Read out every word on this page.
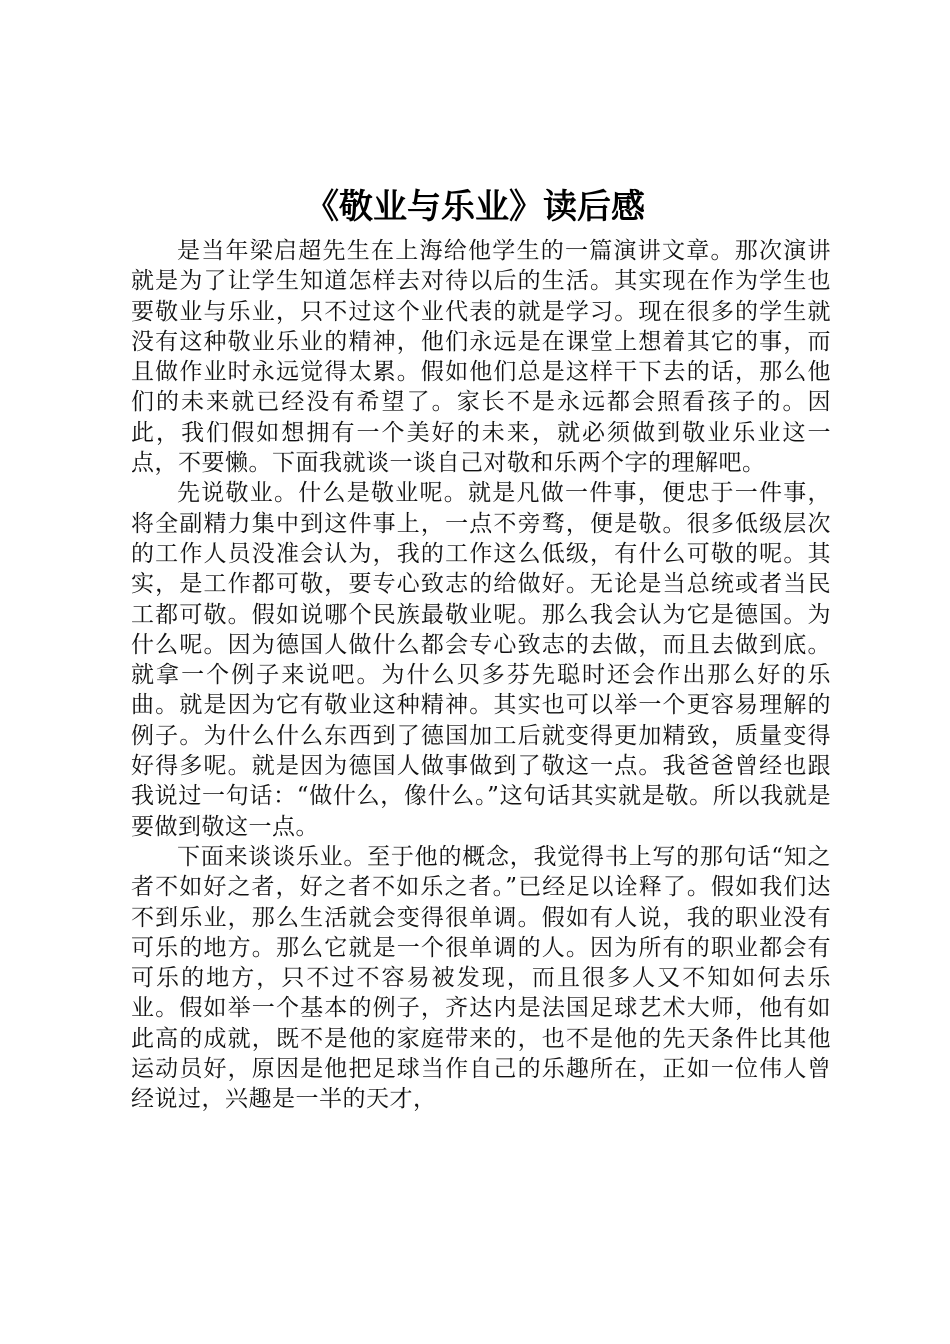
《敬业与乐业》读后感

是当年梁启超先生在上海给他学生的一篇演讲文章。那次演讲就是为了让学生知道怎样去对待以后的生活。其实现在作为学生也要敬业与乐业，只不过这个业代表的就是学习。现在很多的学生就没有这种敬业乐业的精神，他们永远是在课堂上想着其它的事，而且做作业时永远觉得太累。假如他们总是这样干下去的话，那么他们的未来就已经没有希望了。家长不是永远都会照看孩子的。因此，我们假如想拥有一个美好的未来，就必须做到敬业乐业这一点，不要懒。下面我就谈一谈自己对敬和乐两个字的理解吧。

先说敬业。什么是敬业呢。就是凡做一件事，便忠于一件事，将全副精力集中到这件事上，一点不旁骛，便是敬。很多低级层次的工作人员没准会认为，我的工作这么低级，有什么可敬的呢。其实，是工作都可敬，要专心致志的给做好。无论是当总统或者当民工都可敬。假如说哪个民族最敬业呢。那么我会认为它是德国。为什么呢。因为德国人做什么都会专心致志的去做，而且去做到底。就拿一个例子来说吧。为什么贝多芬先聪时还会作出那么好的乐曲。就是因为它有敬业这种精神。其实也可以举一个更容易理解的例子。为什么什么东西到了德国加工后就变得更加精致，质量变得好得多呢。就是因为德国人做事做到了敬这一点。我爸爸曾经也跟我说过一句话：“做什么，像什么。”这句话其实就是敬。所以我就是要做到敬这一点。

下面来谈谈乐业。至于他的概念，我觉得书上写的那句话“知之者不如好之者，好之者不如乐之者。”已经足以诠释了。假如我们达不到乐业，那么生活就会变得很单调。假如有人说，我的职业没有可乐的地方。那么它就是一个很单调的人。因为所有的职业都会有可乐的地方，只不过不容易被发现，而且很多人又不知如何去乐业。假如举一个基本的例子，齐达内是法国足球艺术大师，他有如此高的成就，既不是他的家庭带来的，也不是他的先天条件比其他运动员好，原因是他把足球当作自己的乐趣所在，正如一位伟人曾经说过，兴趣是一半的天才，
